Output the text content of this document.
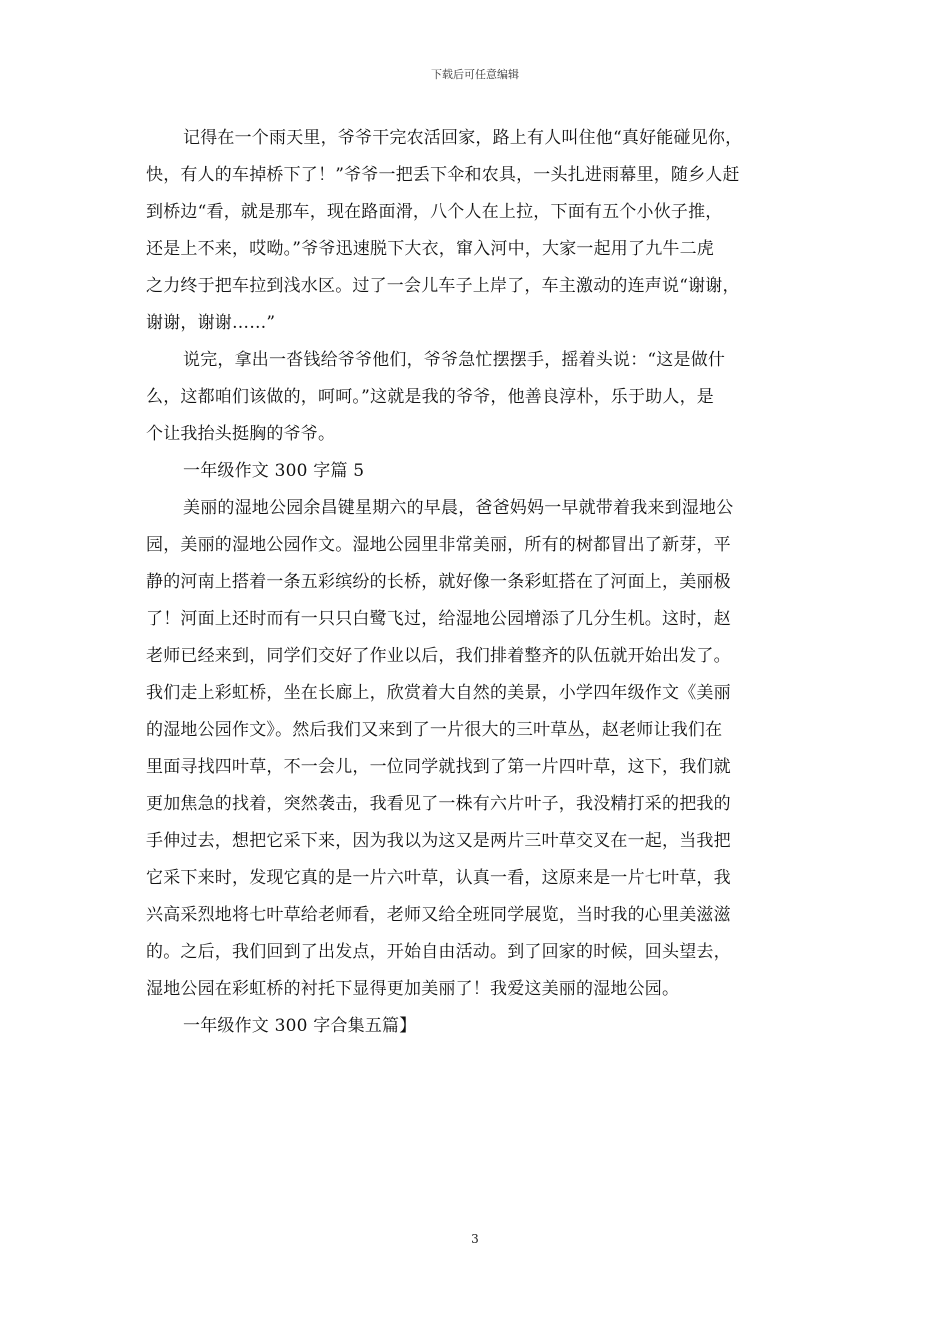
下载后可任意编辑
记得在一个雨天里，爷爷干完农活回家，路上有人叫住他“真好能碰见你，
快，有人的车掉桥下了！”爷爷一把丢下伞和农具，一头扎进雨幕里，随乡人赶
到桥边“看，就是那车，现在路面滑，八个人在上拉，下面有五个小伙子推，
还是上不来，哎呦。”爷爷迅速脱下大衣，窜入河中，大家一起用了九牛二虎
之力终于把车拉到浅水区。过了一会儿车子上岸了，车主激动的连声说“谢谢，
谢谢，谢谢……”
说完，拿出一沓钱给爷爷他们，爷爷急忙摆摆手，摇着头说：“这是做什
么，这都咱们该做的，呵呵。”这就是我的爷爷，他善良淳朴，乐于助人，是
个让我抬头挺胸的爷爷。
一年级作文 300 字篇 5
美丽的湿地公园余昌键星期六的早晨，爸爸妈妈一早就带着我来到湿地公
园，美丽的湿地公园作文。湿地公园里非常美丽，所有的树都冒出了新芽，平
静的河南上搭着一条五彩缤纷的长桥，就好像一条彩虹搭在了河面上，美丽极
了！河面上还时而有一只只白鹭飞过，给湿地公园增添了几分生机。这时，赵
老师已经来到，同学们交好了作业以后，我们排着整齐的队伍就开始出发了。
我们走上彩虹桥，坐在长廊上，欣赏着大自然的美景，小学四年级作文《美丽
的湿地公园作文》。然后我们又来到了一片很大的三叶草丛，赵老师让我们在
里面寻找四叶草，不一会儿，一位同学就找到了第一片四叶草，这下，我们就
更加焦急的找着，突然袭击，我看见了一株有六片叶子，我没精打采的把我的
手伸过去，想把它采下来，因为我以为这又是两片三叶草交叉在一起，当我把
它采下来时，发现它真的是一片六叶草，认真一看，这原来是一片七叶草，我
兴高采烈地将七叶草给老师看，老师又给全班同学展览，当时我的心里美滋滋
的。之后，我们回到了出发点，开始自由活动。到了回家的时候，回头望去，
湿地公园在彩虹桥的衬托下显得更加美丽了！我爱这美丽的湿地公园。
一年级作文 300 字合集五篇】
3
